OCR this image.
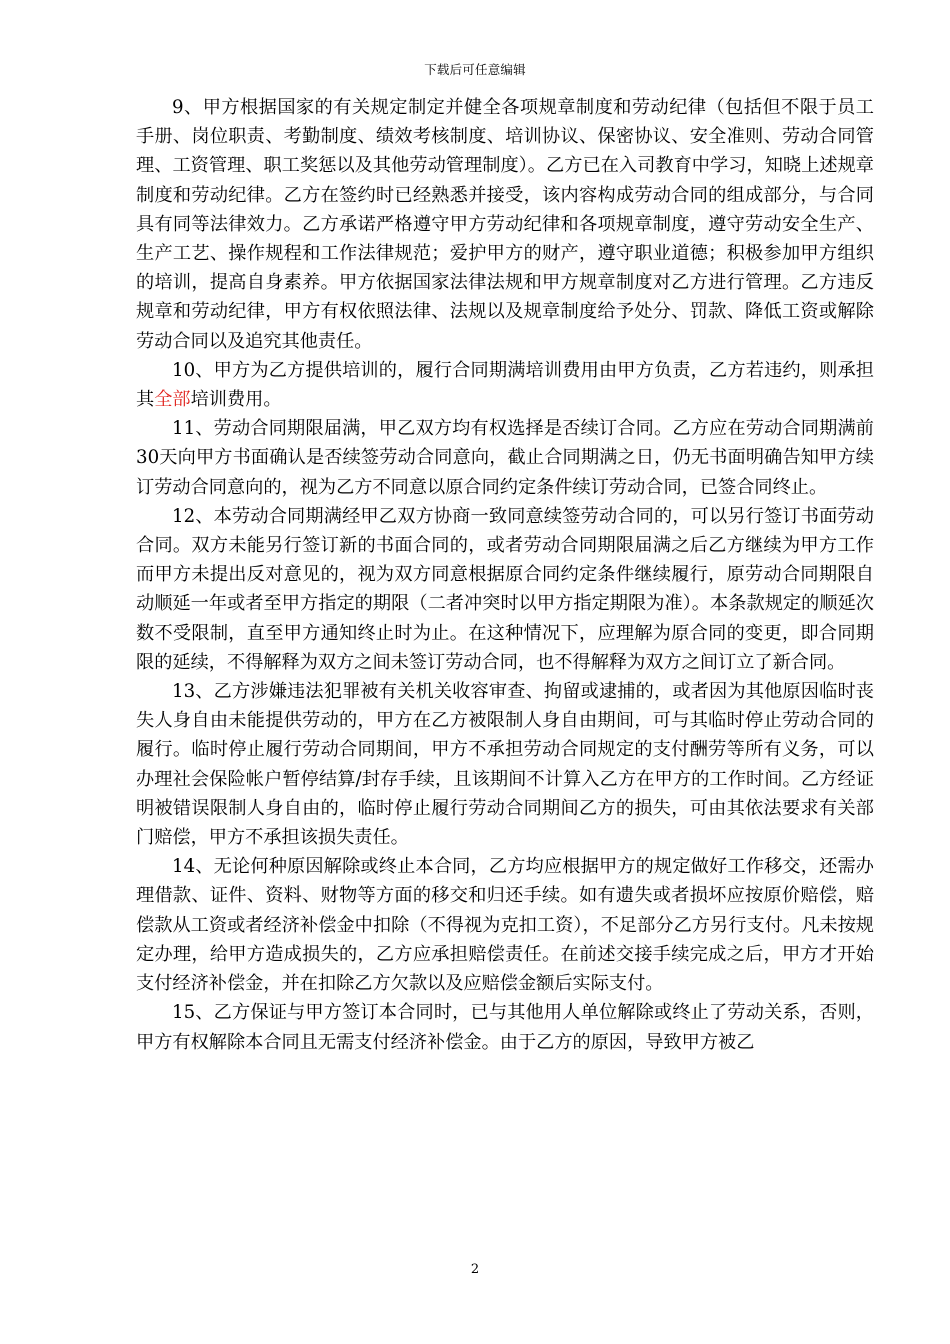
下载后可任意编辑

9、甲方根据国家的有关规定制定并健全各项规章制度和劳动纪律（包括但不限于员工手册、岗位职责、考勤制度、绩效考核制度、培训协议、保密协议、安全准则、劳动合同管理、工资管理、职工奖惩以及其他劳动管理制度）。乙方已在入司教育中学习，知晓上述规章制度和劳动纪律。乙方在签约时已经熟悉并接受，该内容构成劳动合同的组成部分，与合同具有同等法律效力。乙方承诺严格遵守甲方劳动纪律和各项规章制度，遵守劳动安全生产、生产工艺、操作规程和工作法律规范；爱护甲方的财产，遵守职业道德；积极参加甲方组织的培训，提高自身素养。甲方依据国家法律法规和甲方规章制度对乙方进行管理。乙方违反规章和劳动纪律，甲方有权依照法律、法规以及规章制度给予处分、罚款、降低工资或解除劳动合同以及追究其他责任。

10、甲方为乙方提供培训的，履行合同期满培训费用由甲方负责，乙方若违约，则承担其全部培训费用。

11、劳动合同期限届满，甲乙双方均有权选择是否续订合同。乙方应在劳动合同期满前30天向甲方书面确认是否续签劳动合同意向，截止合同期满之日，仍无书面明确告知甲方续订劳动合同意向的，视为乙方不同意以原合同约定条件续订劳动合同，已签合同终止。

12、本劳动合同期满经甲乙双方协商一致同意续签劳动合同的，可以另行签订书面劳动合同。双方未能另行签订新的书面合同的，或者劳动合同期限届满之后乙方继续为甲方工作而甲方未提出反对意见的，视为双方同意根据原合同约定条件继续履行，原劳动合同期限自动顺延一年或者至甲方指定的期限（二者冲突时以甲方指定期限为准）。本条款规定的顺延次数不受限制，直至甲方通知终止时为止。在这种情况下，应理解为原合同的变更，即合同期限的延续，不得解释为双方之间未签订劳动合同，也不得解释为双方之间订立了新合同。

13、乙方涉嫌违法犯罪被有关机关收容审查、拘留或逮捕的，或者因为其他原因临时丧失人身自由未能提供劳动的，甲方在乙方被限制人身自由期间，可与其临时停止劳动合同的履行。临时停止履行劳动合同期间，甲方不承担劳动合同规定的支付酬劳等所有义务，可以办理社会保险帐户暂停结算/封存手续，且该期间不计算入乙方在甲方的工作时间。乙方经证明被错误限制人身自由的，临时停止履行劳动合同期间乙方的损失，可由其依法要求有关部门赔偿，甲方不承担该损失责任。

14、无论何种原因解除或终止本合同，乙方均应根据甲方的规定做好工作移交，还需办理借款、证件、资料、财物等方面的移交和归还手续。如有遗失或者损坏应按原价赔偿，赔偿款从工资或者经济补偿金中扣除（不得视为克扣工资），不足部分乙方另行支付。凡未按规定办理，给甲方造成损失的，乙方应承担赔偿责任。在前述交接手续完成之后，甲方才开始支付经济补偿金，并在扣除乙方欠款以及应赔偿金额后实际支付。

15、乙方保证与甲方签订本合同时，已与其他用人单位解除或终止了劳动关系，否则，甲方有权解除本合同且无需支付经济补偿金。由于乙方的原因，导致甲方被乙

2
